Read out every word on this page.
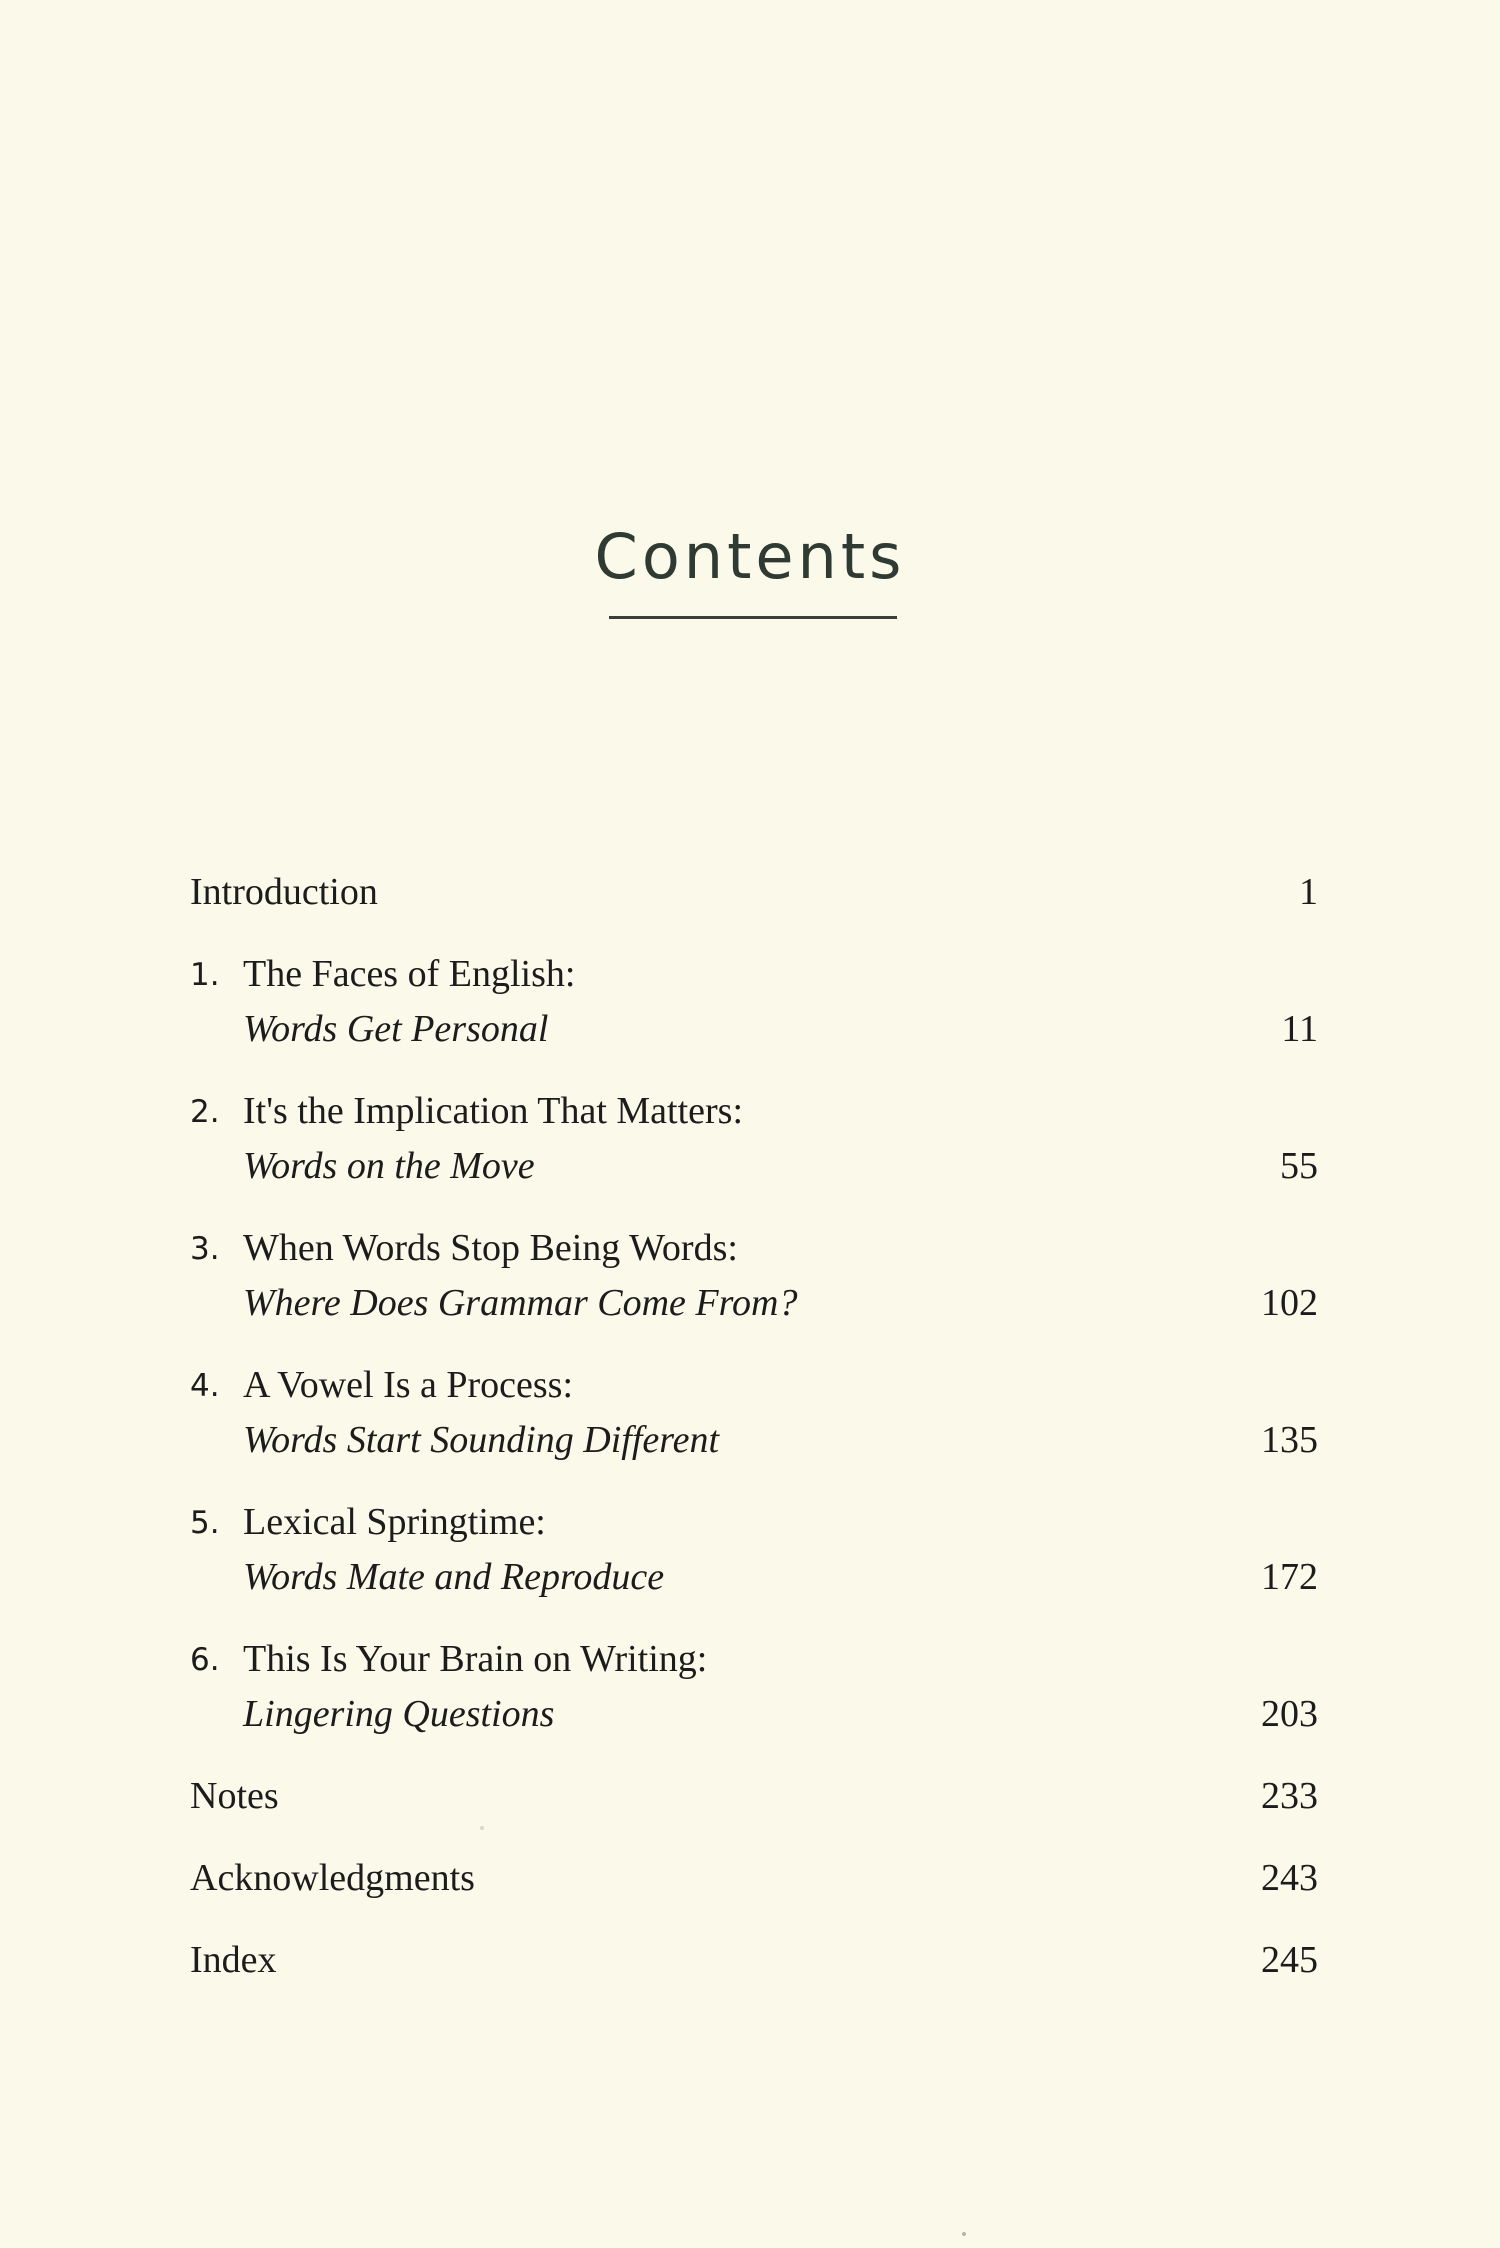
Contents
Introduction	1
1. The Faces of English:
Words Get Personal	11
2. It's the Implication That Matters:
Words on the Move	55
3. When Words Stop Being Words:
Where Does Grammar Come From?	102
4. A Vowel Is a Process:
Words Start Sounding Different	135
5. Lexical Springtime:
Words Mate and Reproduce	172
6. This Is Your Brain on Writing:
Lingering Questions	203
Notes	233
Acknowledgments	243
Index	245
